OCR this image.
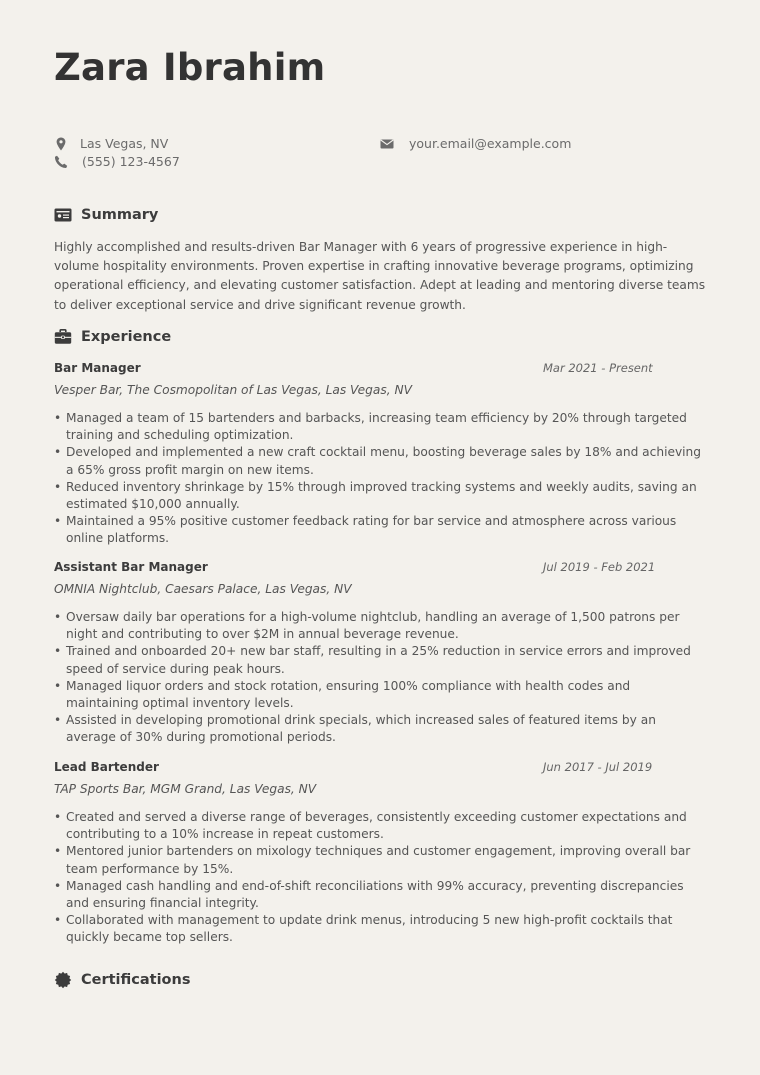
Zara Ibrahim
Las Vegas, NV
(555) 123-4567
your.email@example.com
Summary
Highly accomplished and results-driven Bar Manager with 6 years of progressive experience in high-volume hospitality environments. Proven expertise in crafting innovative beverage programs, optimizing operational efficiency, and elevating customer satisfaction. Adept at leading and mentoring diverse teams to deliver exceptional service and drive significant revenue growth.
Experience
Bar Manager	Mar 2021 - Present
Vesper Bar, The Cosmopolitan of Las Vegas, Las Vegas, NV
• Managed a team of 15 bartenders and barbacks, increasing team efficiency by 20% through targeted training and scheduling optimization.
• Developed and implemented a new craft cocktail menu, boosting beverage sales by 18% and achieving a 65% gross profit margin on new items.
• Reduced inventory shrinkage by 15% through improved tracking systems and weekly audits, saving an estimated $10,000 annually.
• Maintained a 95% positive customer feedback rating for bar service and atmosphere across various online platforms.
Assistant Bar Manager	Jul 2019 - Feb 2021
OMNIA Nightclub, Caesars Palace, Las Vegas, NV
• Oversaw daily bar operations for a high-volume nightclub, handling an average of 1,500 patrons per night and contributing to over $2M in annual beverage revenue.
• Trained and onboarded 20+ new bar staff, resulting in a 25% reduction in service errors and improved speed of service during peak hours.
• Managed liquor orders and stock rotation, ensuring 100% compliance with health codes and maintaining optimal inventory levels.
• Assisted in developing promotional drink specials, which increased sales of featured items by an average of 30% during promotional periods.
Lead Bartender	Jun 2017 - Jul 2019
TAP Sports Bar, MGM Grand, Las Vegas, NV
• Created and served a diverse range of beverages, consistently exceeding customer expectations and contributing to a 10% increase in repeat customers.
• Mentored junior bartenders on mixology techniques and customer engagement, improving overall bar team performance by 15%.
• Managed cash handling and end-of-shift reconciliations with 99% accuracy, preventing discrepancies and ensuring financial integrity.
• Collaborated with management to update drink menus, introducing 5 new high-profit cocktails that quickly became top sellers.
Certifications
